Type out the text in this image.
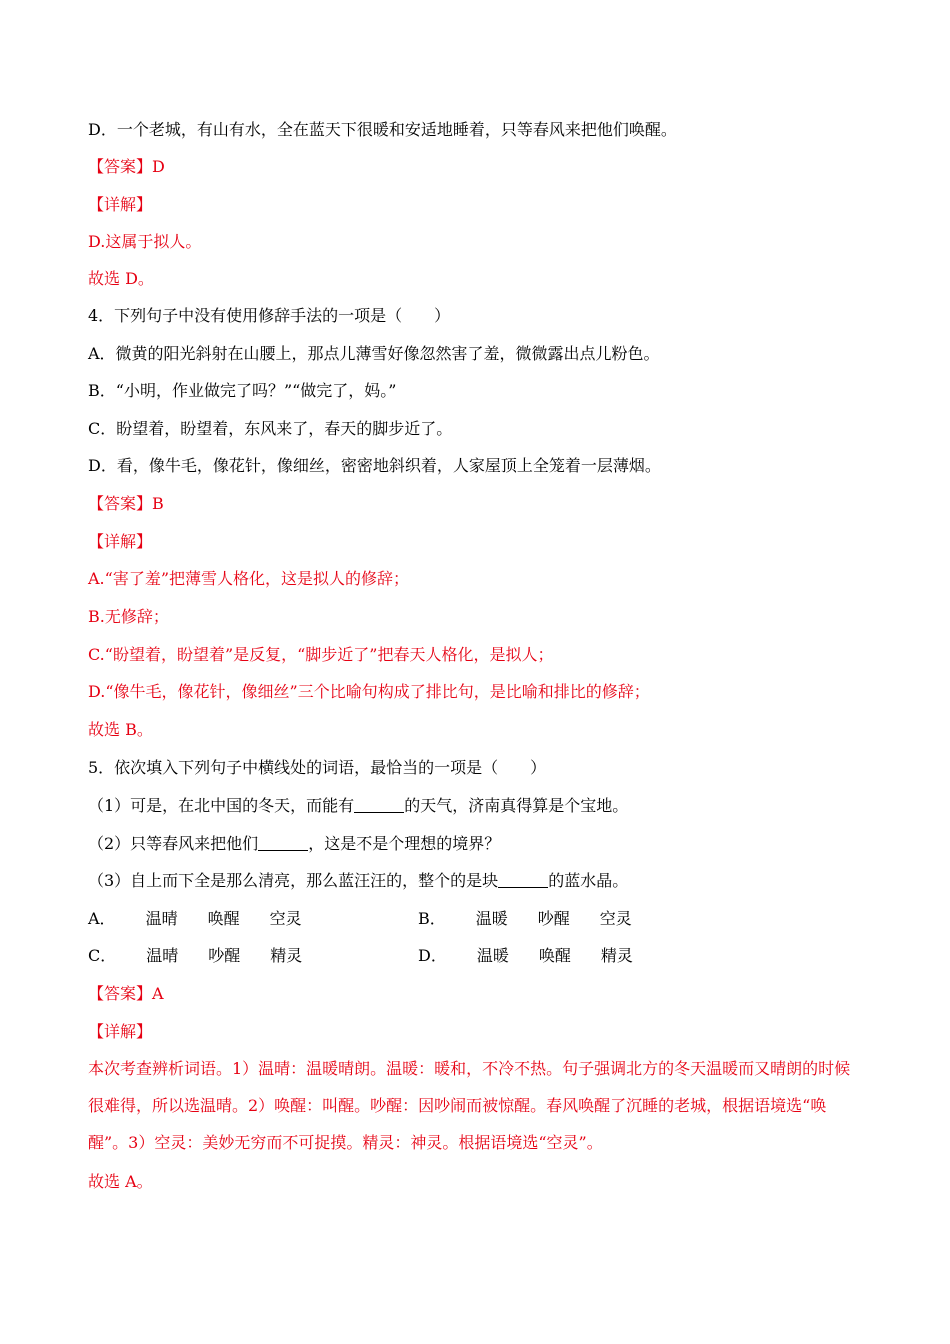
D．一个老城，有山有水，全在蓝天下很暖和安适地睡着，只等春风来把他们唤醒。
【答案】D
【详解】
D.这属于拟人。
故选 D。
4．下列句子中没有使用修辞手法的一项是（　　）
A．微黄的阳光斜射在山腰上，那点儿薄雪好像忽然害了羞，微微露出点儿粉色。
B．“小明，作业做完了吗？”“做完了，妈。”
C．盼望着，盼望着，东风来了，春天的脚步近了。
D．看，像牛毛，像花针，像细丝，密密地斜织着，人家屋顶上全笼着一层薄烟。
【答案】B
【详解】
A.“害了羞”把薄雪人格化，这是拟人的修辞；
B.无修辞；
C.“盼望着，盼望着”是反复，“脚步近了”把春天人格化，是拟人；
D.“像牛毛，像花针，像细丝”三个比喻句构成了排比句，是比喻和排比的修辞；
故选 B。
5．依次填入下列句子中横线处的词语，最恰当的一项是（　　）
（1）可是，在北中国的冬天，而能有	的天气，济南真得算是个宝地。
（2）只等春风来把他们	，这是不是个理想的境界？
（3）自上而下全是那么清亮，那么蓝汪汪的，整个的是块	的蓝水晶。
A． 温晴 唤醒 空灵	B． 温暖 吵醒 空灵
C． 温晴 吵醒 精灵	D． 温暖 唤醒 精灵
【答案】A
【详解】
本次考查辨析词语。1）温晴：温暖晴朗。温暖：暖和，不冷不热。句子强调北方的冬天温暖而又晴朗的时候很难得，所以选温晴。2）唤醒：叫醒。吵醒：因吵闹而被惊醒。春风唤醒了沉睡的老城，根据语境选“唤醒”。3）空灵：美妙无穷而不可捉摸。精灵：神灵。根据语境选“空灵”。
故选 A。
